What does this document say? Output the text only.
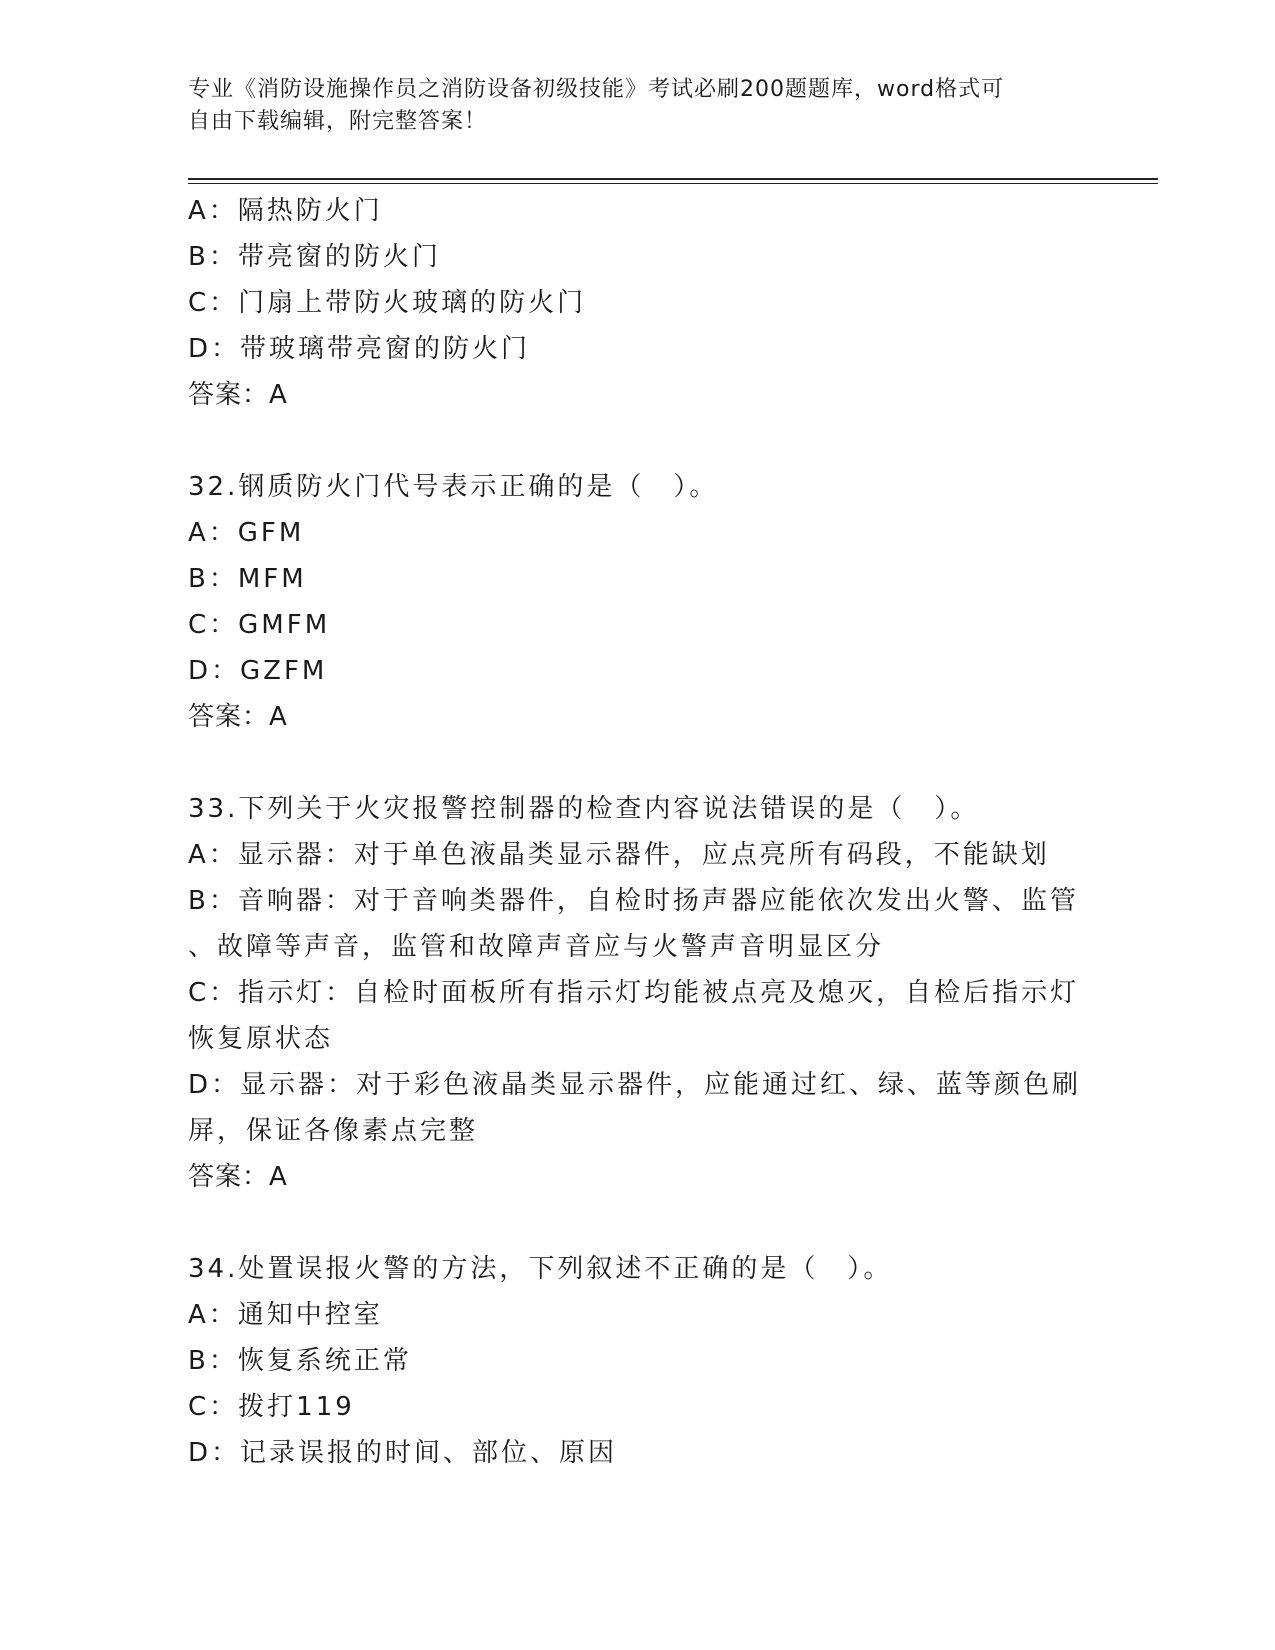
专业《消防设施操作员之消防设备初级技能》考试必刷200题题库，word格式可
自由下载编辑，附完整答案！
A：隔热防火门
B：带亮窗的防火门
C：门扇上带防火玻璃的防火门
D：带玻璃带亮窗的防火门
答案：A
32.钢质防火门代号表示正确的是（　）。
A：GFM
B：MFM
C：GMFM
D：GZFM
答案：A
33.下列关于火灾报警控制器的检查内容说法错误的是（　）。
A：显示器：对于单色液晶类显示器件，应点亮所有码段，不能缺划
B：音响器：对于音响类器件，自检时扬声器应能依次发出火警、监管
、故障等声音，监管和故障声音应与火警声音明显区分
C：指示灯：自检时面板所有指示灯均能被点亮及熄灭，自检后指示灯
恢复原状态
D：显示器：对于彩色液晶类显示器件，应能通过红、绿、蓝等颜色刷
屏，保证各像素点完整
答案：A
34.处置误报火警的方法，下列叙述不正确的是（　）。
A：通知中控室
B：恢复系统正常
C：拨打119
D：记录误报的时间、部位、原因
